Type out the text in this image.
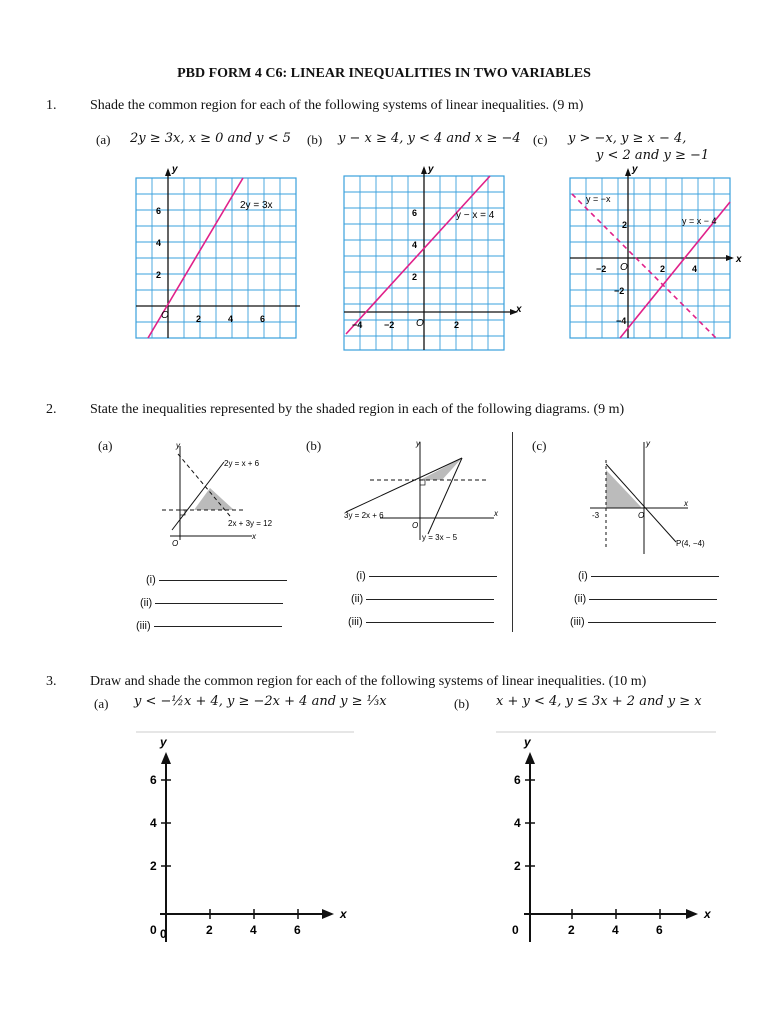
PBD FORM 4 C6: LINEAR INEQUALITIES IN TWO VARIABLES
1. Shade the common region for each of the following systems of linear inequalities. (9 m)
(a) 2y ≥ 3x, x ≥ 0 and y < 5 (b) y − x ≥ 4, y < 4 and x ≥ −4 (c) y > −x, y ≥ x − 4,
y < 2 and y ≥ −1
y
O
2y = 3x
6
4
2
2	4	6
y
x
O
y − x = 4
6
4
2
−4 −2	2
y
x
O
y = −x
y = x − 4
2
−2
−4
−2	2	4
2. State the inequalities represented by the shaded region in each of the following diagrams. (9 m)
(a)	(b)	(c)
y
x
O
2y = x + 6
2x + 3y = 12
y
x
O
3y = 2x + 6
y = 3x − 5
y
x
O
-3
P(4, −4)
(i)
(ii)
(iii)
(i)
(ii)
(iii)
(i)
(ii)
(iii)
3. Draw and shade the common region for each of the following systems of linear inequalities. (10 m)
(a) y < −½x + 4, y ≥ −2x + 4 and y ≥ ⅓x	(b) x + y < 4, y ≤ 3x + 2 and y ≥ x
y
x
6
4
2
2	4	6
0 0
y
x
6
4
2
2	4	6
0
